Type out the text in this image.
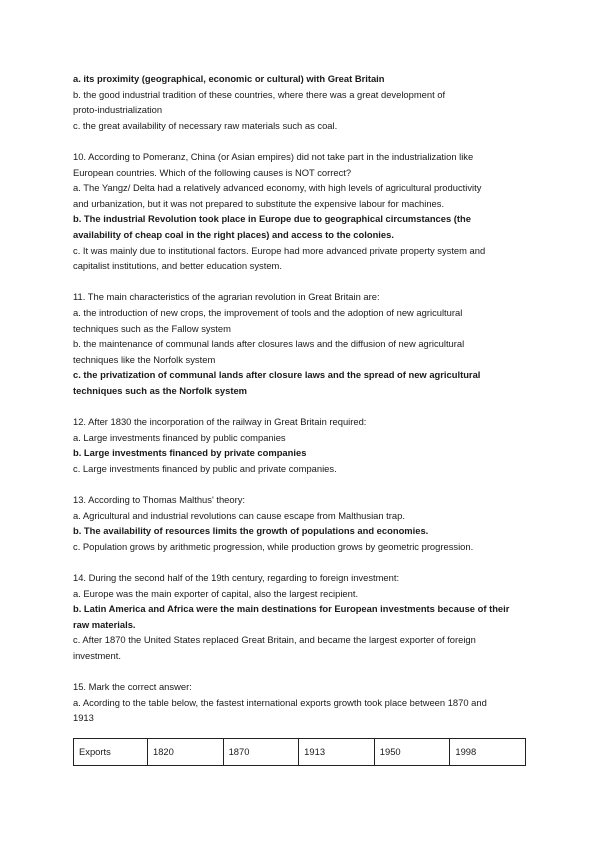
a. its proximity (geographical, economic or cultural) with Great Britain
b. the good industrial tradition of these countries, where there was a great development of
proto-industrialization
c. the great availability of necessary raw materials such as coal.
10. According to Pomeranz, China (or Asian empires) did not take part in the industrialization like
European countries. Which of the following causes is NOT correct?
a. The Yangz/ Delta had a relatively advanced economy, with high levels of agricultural productivity
and urbanization, but it was not prepared to substitute the expensive labour for machines.
b. The industrial Revolution took place in Europe due to geographical circumstances (the
availability of cheap coal in the right places) and access to the colonies.
c. It was mainly due to institutional factors. Europe had more advanced private property system and
capitalist institutions, and better education system.
11. The main characteristics of the agrarian revolution in Great Britain are:
a. the introduction of new crops, the improvement of tools and the adoption of new agricultural
techniques such as the Fallow system
b. the maintenance of communal lands after closures laws and the diffusion of new agricultural
techniques like the Norfolk system
c. the privatization of communal lands after closure laws and the spread of new agricultural
techniques such as the Norfolk system
12. After 1830 the incorporation of the railway in Great Britain required:
a. Large investments financed by public companies
b. Large investments financed by private companies
c. Large investments financed by public and private companies.
13. According to Thomas Malthus' theory:
a. Agricultural and industrial revolutions can cause escape from Malthusian trap.
b. The availability of resources limits the growth of populations and economies.
c. Population grows by arithmetic progression, while production grows by geometric progression.
14. During the second half of the 19th century, regarding to foreign investment:
a. Europe was the main exporter of capital, also the largest recipient.
b. Latin America and Africa were the main destinations for European investments because of their
raw materials.
c. After 1870 the United States replaced Great Britain, and became the largest exporter of foreign
investment.
15. Mark the correct answer:
a. Acording to the table below, the fastest international exports growth took place between 1870 and
1913
Exports	1820	1870	1913	1950	1998
